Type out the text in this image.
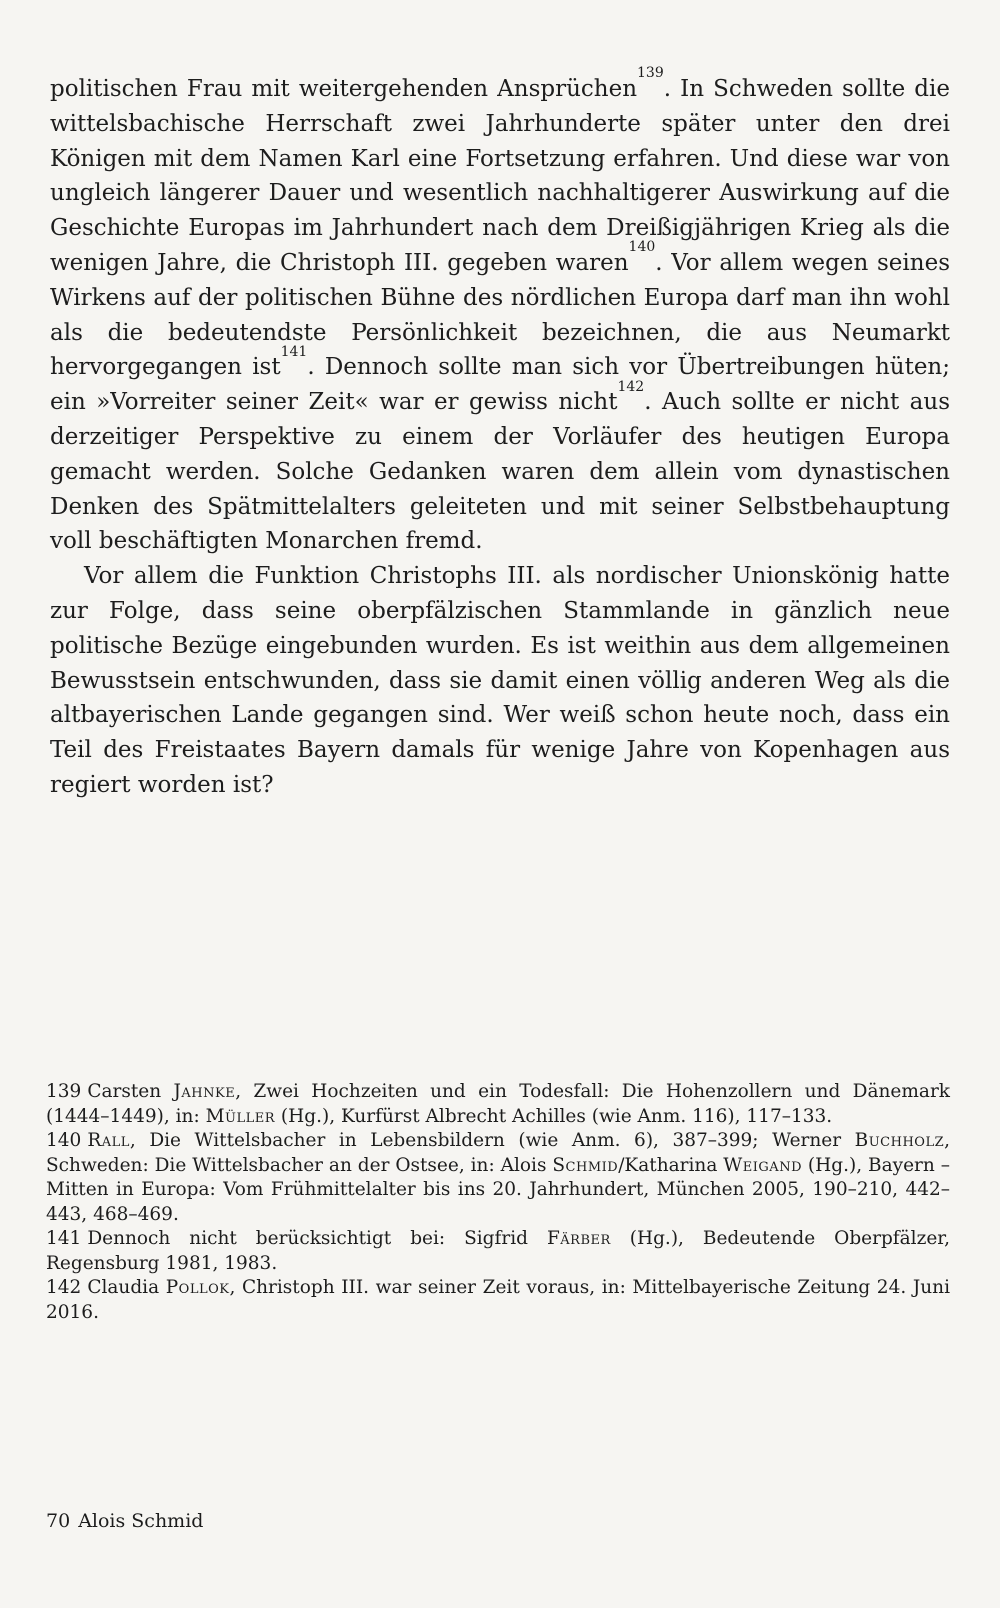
politischen Frau mit weitergehenden Ansprüchen$^{139}$. In Schweden sollte die wittelsbachische Herrschaft zwei Jahrhunderte später unter den drei Königen mit dem Namen Karl eine Fortsetzung erfahren. Und diese war von ungleich längerer Dauer und wesentlich nachhaltigerer Auswirkung auf die Geschichte Europas im Jahrhundert nach dem Dreißigjährigen Krieg als die wenigen Jahre, die Christoph III. gegeben waren$^{140}$. Vor allem wegen seines Wirkens auf der politischen Bühne des nördlichen Europa darf man ihn wohl als die bedeutendste Persönlichkeit bezeichnen, die aus Neumarkt hervorgegangen ist$^{141}$. Dennoch sollte man sich vor Übertreibungen hüten; ein »Vorreiter seiner Zeit« war er gewiss nicht$^{142}$. Auch sollte er nicht aus derzeitiger Perspektive zu einem der Vorläufer des heutigen Europa gemacht werden. Solche Gedanken waren dem allein vom dynastischen Denken des Spätmittelalters geleiteten und mit seiner Selbstbehauptung voll beschäftigten Monarchen fremd.

Vor allem die Funktion Christophs III. als nordischer Unionskönig hatte zur Folge, dass seine oberpfälzischen Stammlande in gänzlich neue politische Bezüge eingebunden wurden. Es ist weithin aus dem allgemeinen Bewusstsein entschwunden, dass sie damit einen völlig anderen Weg als die altbayerischen Lande gegangen sind. Wer weiß schon heute noch, dass ein Teil des Freistaates Bayern damals für wenige Jahre von Kopenhagen aus regiert worden ist?

139 Carsten Jahnke, Zwei Hochzeiten und ein Todesfall: Die Hohenzollern und Dänemark (1444–1449), in: Müller (Hg.), Kurfürst Albrecht Achilles (wie Anm. 116), 117–133.

140 Rall, Die Wittelsbacher in Lebensbildern (wie Anm. 6), 387–399; Werner Buchholz, Schweden: Die Wittelsbacher an der Ostsee, in: Alois Schmid/Katharina Weigand (Hg.), Bayern – Mitten in Europa: Vom Frühmittelalter bis ins 20. Jahrhundert, München 2005, 190–210, 442–443, 468–469.

141 Dennoch nicht berücksichtigt bei: Sigfrid Färber (Hg.), Bedeutende Oberpfälzer, Regensburg 1981, 1983.

142 Claudia Pollok, Christoph III. war seiner Zeit voraus, in: Mittelbayerische Zeitung 24. Juni 2016.

70 Alois Schmid
